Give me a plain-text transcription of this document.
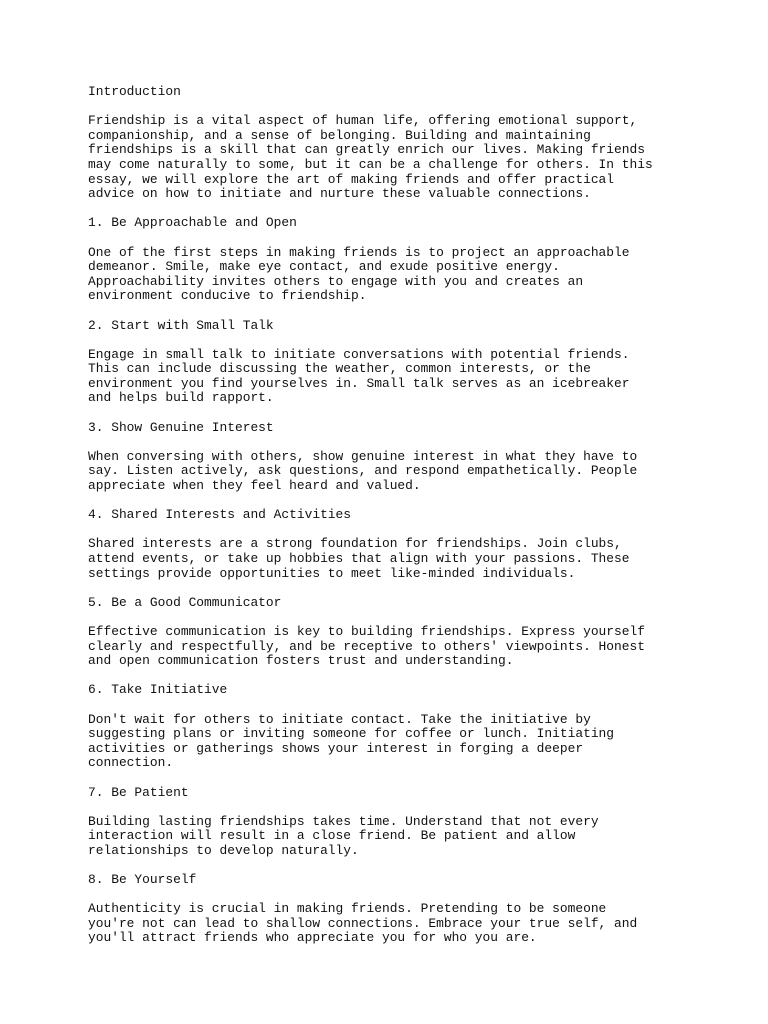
Introduction
Friendship is a vital aspect of human life, offering emotional support,
companionship, and a sense of belonging. Building and maintaining
friendships is a skill that can greatly enrich our lives. Making friends
may come naturally to some, but it can be a challenge for others. In this
essay, we will explore the art of making friends and offer practical
advice on how to initiate and nurture these valuable connections.
1. Be Approachable and Open
One of the first steps in making friends is to project an approachable
demeanor. Smile, make eye contact, and exude positive energy.
Approachability invites others to engage with you and creates an
environment conducive to friendship.
2. Start with Small Talk
Engage in small talk to initiate conversations with potential friends.
This can include discussing the weather, common interests, or the
environment you find yourselves in. Small talk serves as an icebreaker
and helps build rapport.
3. Show Genuine Interest
When conversing with others, show genuine interest in what they have to
say. Listen actively, ask questions, and respond empathetically. People
appreciate when they feel heard and valued.
4. Shared Interests and Activities
Shared interests are a strong foundation for friendships. Join clubs,
attend events, or take up hobbies that align with your passions. These
settings provide opportunities to meet like-minded individuals.
5. Be a Good Communicator
Effective communication is key to building friendships. Express yourself
clearly and respectfully, and be receptive to others' viewpoints. Honest
and open communication fosters trust and understanding.
6. Take Initiative
Don't wait for others to initiate contact. Take the initiative by
suggesting plans or inviting someone for coffee or lunch. Initiating
activities or gatherings shows your interest in forging a deeper
connection.
7. Be Patient
Building lasting friendships takes time. Understand that not every
interaction will result in a close friend. Be patient and allow
relationships to develop naturally.
8. Be Yourself
Authenticity is crucial in making friends. Pretending to be someone
you're not can lead to shallow connections. Embrace your true self, and
you'll attract friends who appreciate you for who you are.
